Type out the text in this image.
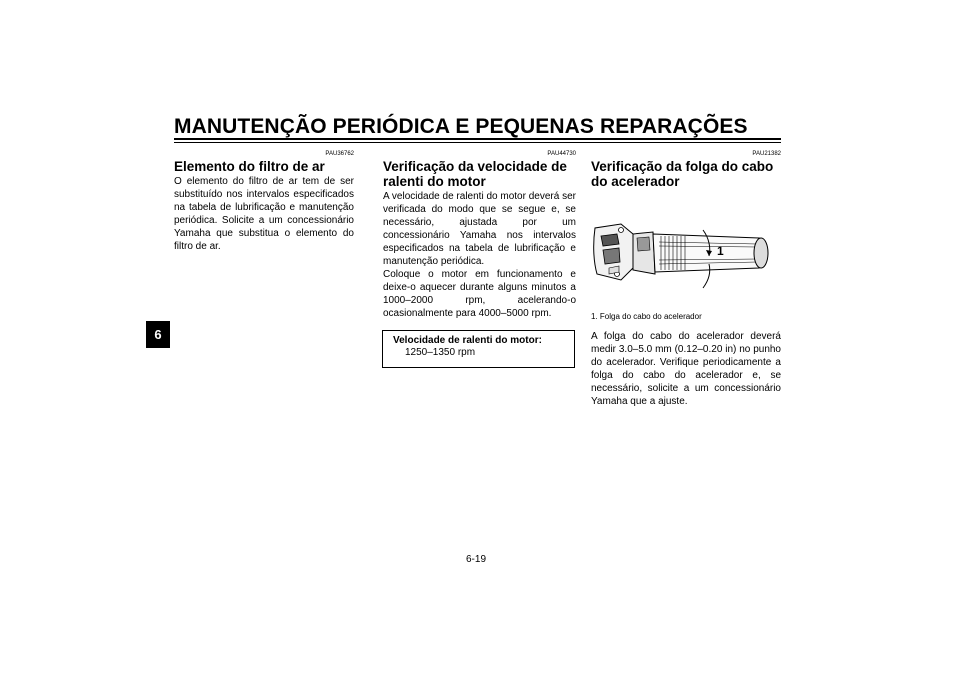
MANUTENÇÃO PERIÓDICA E PEQUENAS REPARAÇÕES
6
PAU36762
Elemento do filtro de ar

O elemento do filtro de ar tem de ser substituído nos intervalos especificados na tabela de lubrificação e manutenção periódica. Solicite a um concessionário Yamaha que substitua o elemento do filtro de ar.

PAU44730
Verificação da velocidade de ralenti do motor

A velocidade de ralenti do motor deverá ser verificada do modo que se segue e, se necessário, ajustada por um concessionário Yamaha nos intervalos especificados na tabela de lubrificação e manutenção periódica.

Coloque o motor em funcionamento e deixe-o aquecer durante alguns minutos a 1000–2000 rpm, acelerando-o ocasionalmente para 4000–5000 rpm.

Velocidade de ralenti do motor:
1250–1350 rpm
PAU21382
Verificação da folga do cabo do acelerador
1
1. Folga do cabo do acelerador

A folga do cabo do acelerador deverá medir 3.0–5.0 mm (0.12–0.20 in) no punho do acelerador. Verifique periodicamente a folga do cabo do acelerador e, se necessário, solicite a um concessionário Yamaha que a ajuste.

6-19
